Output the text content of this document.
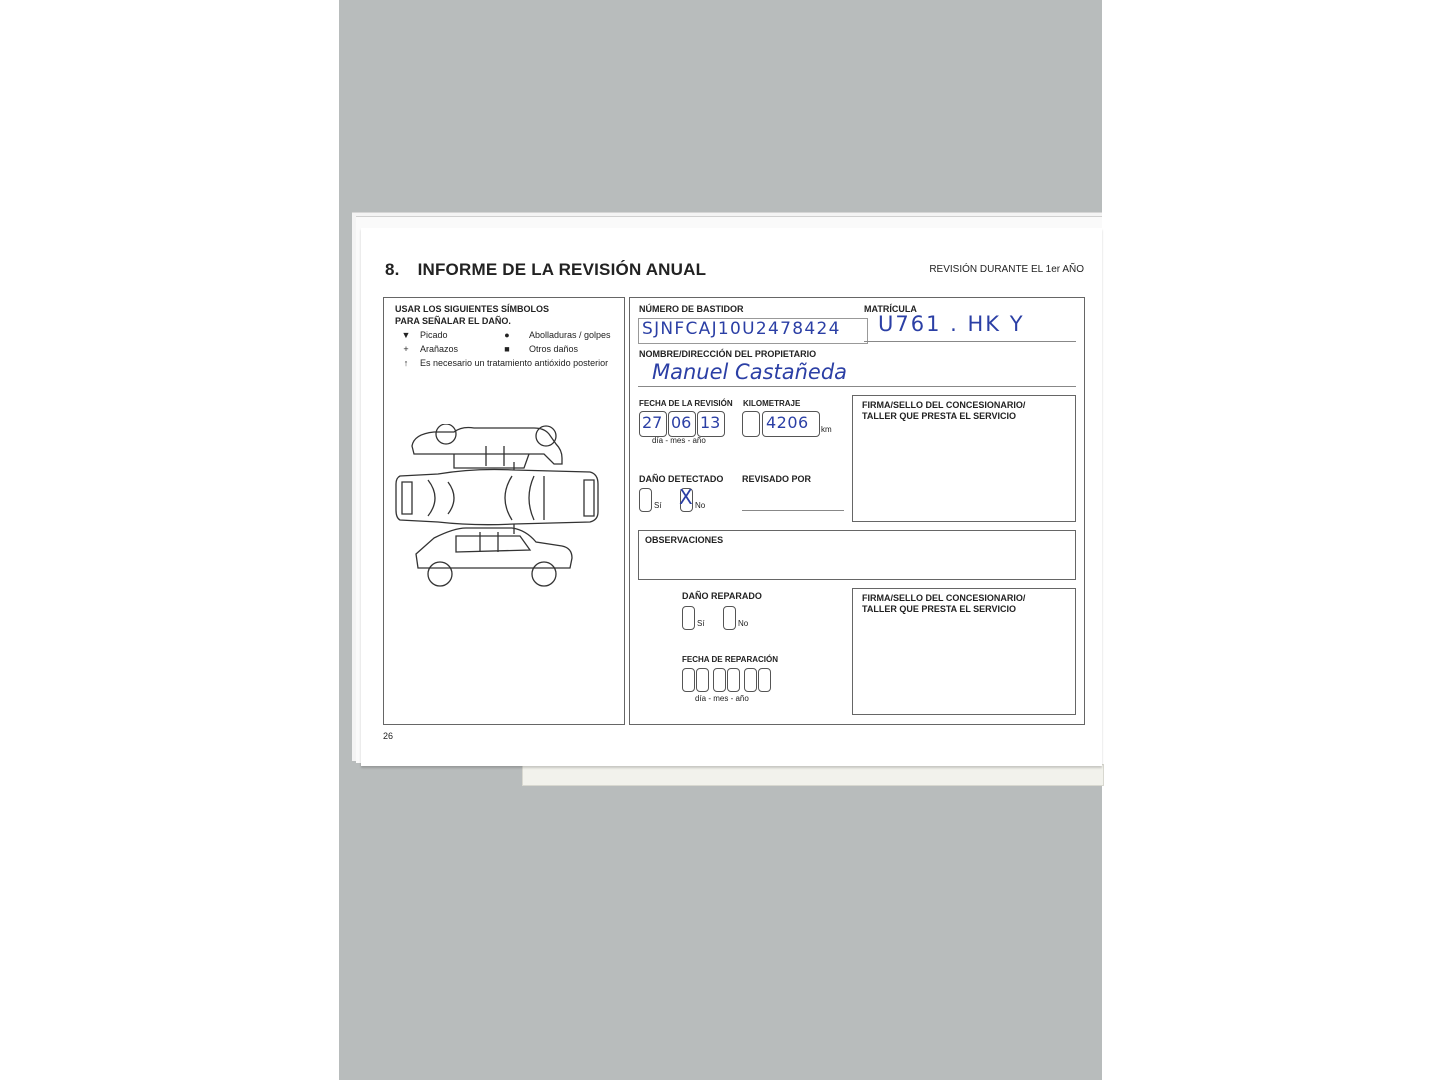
8. INFORME DE LA REVISIÓN ANUAL	REVISIÓN DURANTE EL 1er AÑO
USAR LOS SIGUIENTES SÍMBOLOS
PARA SEÑALAR EL DAÑO.
▼ Picado	● Abolladuras / golpes
+ Arañazos	■ Otros daños
↑	Es necesario un tratamiento antióxido posterior
NÚMERO DE BASTIDOR
SJNFCAJ10U2478424
MATRÍCULA
U761 . HK Y
NOMBRE/DIRECCIÓN DEL PROPIETARIO
Manuel Castañeda
FECHA DE LA REVISIÓN
27 06 13
día - mes - año
KILOMETRAJE
4206 km
FIRMA/SELLO DEL CONCESIONARIO/
TALLER QUE PRESTA EL SERVICIO
DAÑO DETECTADO
Sí X No
REVISADO POR
OBSERVACIONES
DAÑO REPARADO
Sí	No
FECHA DE REPARACIÓN
día - mes - año
FIRMA/SELLO DEL CONCESIONARIO/
TALLER QUE PRESTA EL SERVICIO
26
